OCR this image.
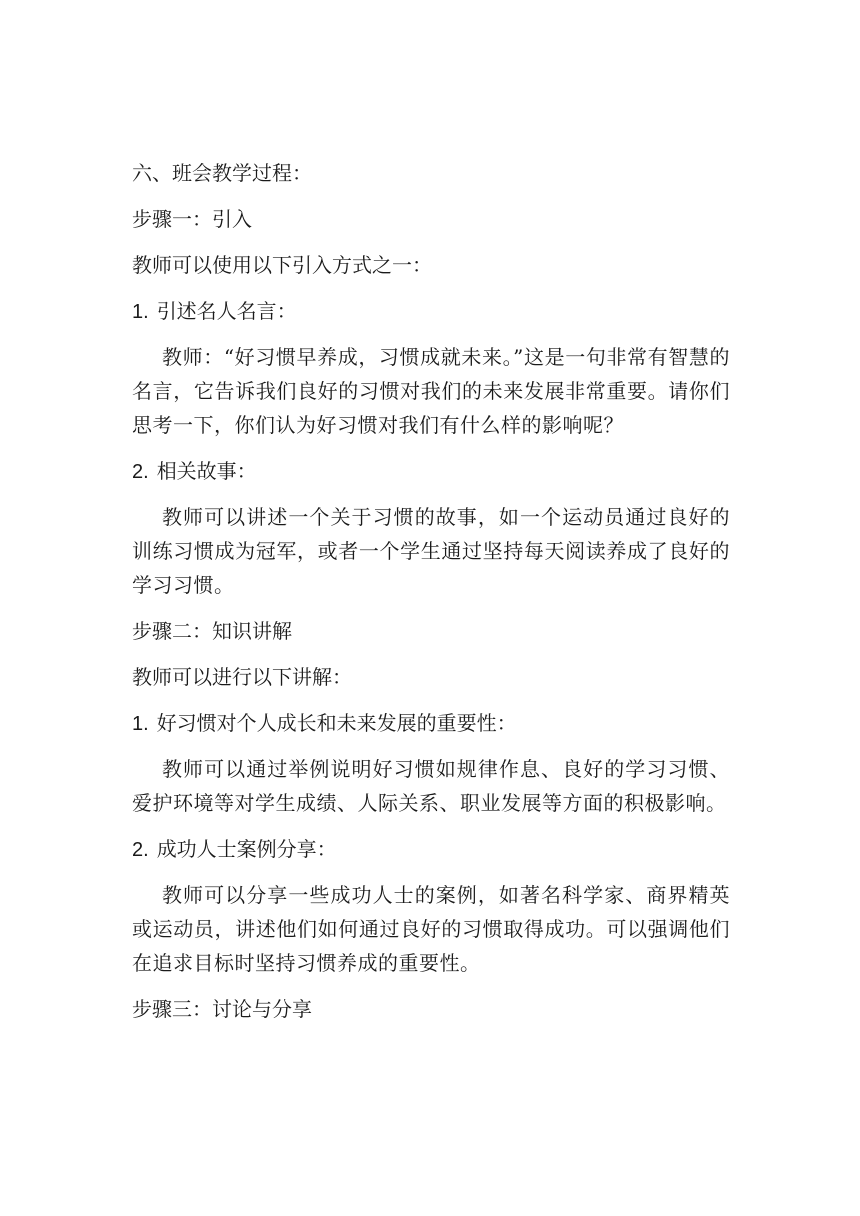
六、班会教学过程：
步骤一：引入
教师可以使用以下引入方式之一：
1. 引述名人名言：
教师：“好习惯早养成，习惯成就未来。”这是一句非常有智慧的名言，它告诉我们良好的习惯对我们的未来发展非常重要。请你们思考一下，你们认为好习惯对我们有什么样的影响呢？
2. 相关故事：
教师可以讲述一个关于习惯的故事，如一个运动员通过良好的训练习惯成为冠军，或者一个学生通过坚持每天阅读养成了良好的学习习惯。
步骤二：知识讲解
教师可以进行以下讲解：
1. 好习惯对个人成长和未来发展的重要性：
教师可以通过举例说明好习惯如规律作息、良好的学习习惯、爱护环境等对学生成绩、人际关系、职业发展等方面的积极影响。
2. 成功人士案例分享：
教师可以分享一些成功人士的案例，如著名科学家、商界精英或运动员，讲述他们如何通过良好的习惯取得成功。可以强调他们在追求目标时坚持习惯养成的重要性。
步骤三：讨论与分享
